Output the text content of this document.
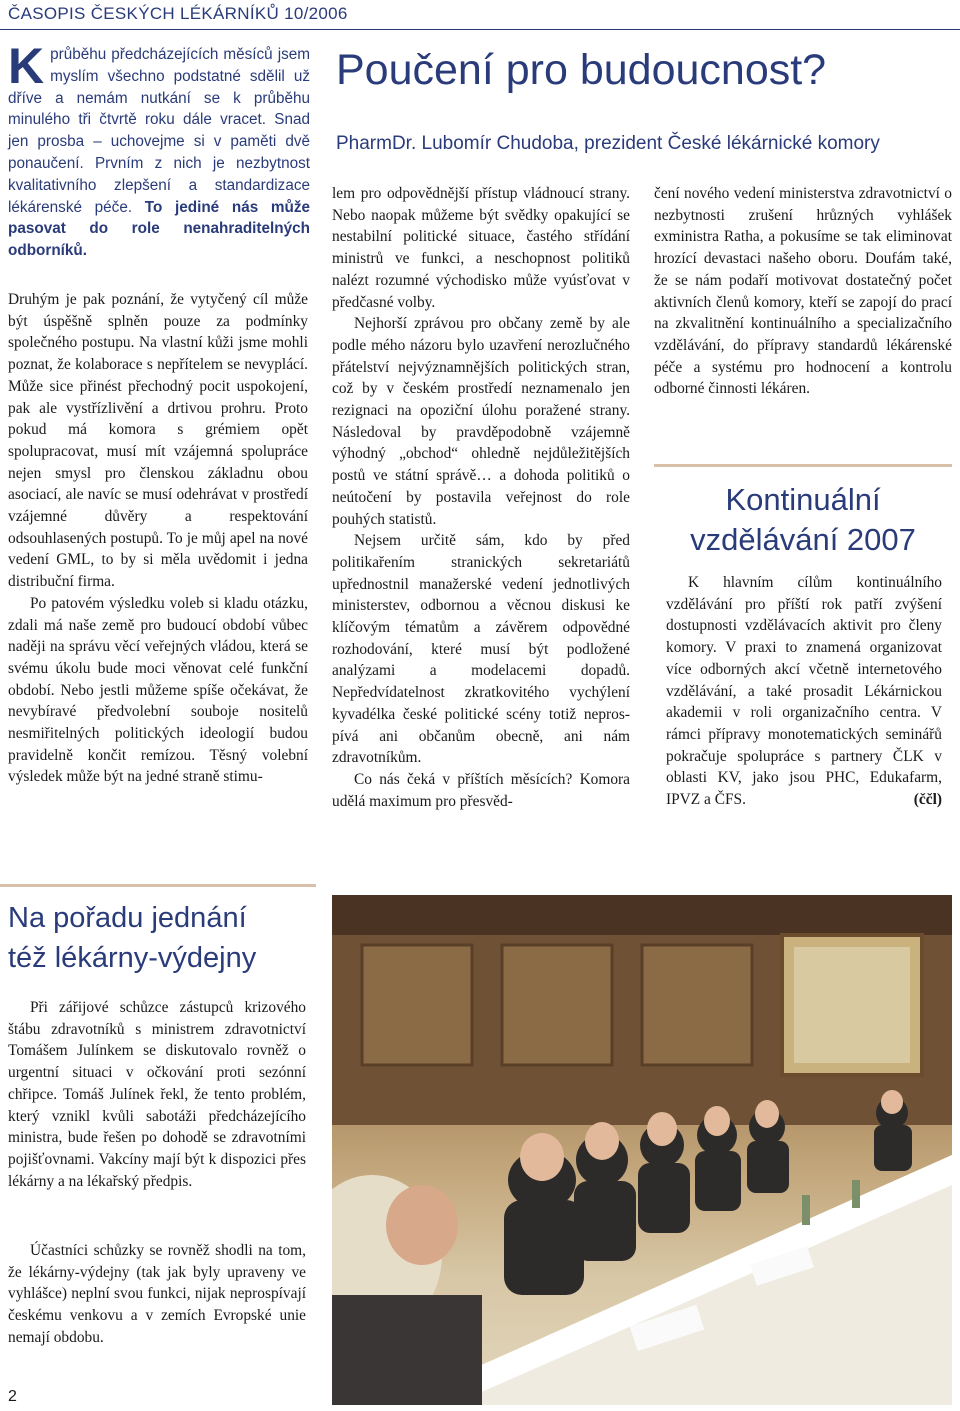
ČASOPIS ČESKÝCH LÉKÁRNÍKŮ 10/2006
Kprůběhu předcházejících měsíců jsem myslím všechno podstatné sdělil už dříve a nemám nutkání se k průběhu minulého tři čtvrtě roku dále vracet. Snad jen prosba – uchovejme si v paměti dvě ponaučení. Prvním z nich je nezbytnost kvalitativního zlepšení a standardizace lékárenské péče. To jediné nás může pasovat do role nenahraditelných odborníků.

Druhým je pak poznání, že vytyčený cíl může být úspěšně splněn pouze za podmínky společného postupu. Na vlastní kůži jsme mohli poznat, že kolaborace s nepřítelem se nevyplácí. Může sice přinést přechodný pocit uspokojení, pak ale vystřízlivění a drtivou prohru. Proto pokud má komora s grémiem opět spolupracovat, musí mít vzájemná spolupráce nejen smysl pro členskou základnu obou asociací, ale navíc se musí odehrávat v prostředí vzájemné důvěry a respektování odsouhlasených postupů. To je můj apel na nové vedení GML, to by si měla uvědomit i jedna distribuční firma.

Po patovém výsledku voleb si kladu otázku, zdali má naše země pro budoucí období vůbec naději na správu věcí veřejných vládou, která se svému úkolu bude moci věnovat celé funkční období. Nebo jestli můžeme spíše očekávat, že nevybíravé předvolební souboje nositelů nesmiřitelných politických ideologií budou pravidelně končit remízou. Těsný volební výsledek může být na jedné straně stimu-

Poučení pro budoucnost?
PharmDr. Lubomír Chudoba, prezident České lékárnické komory

lem pro odpovědnější přístup vládnoucí strany. Nebo naopak můžeme být svědky opakující se nestabilní politické situace, častého střídání ministrů ve funkci, a neschopnost politiků nalézt rozumné východisko může vyúsťovat v předčasné volby.

Nejhorší zprávou pro občany země by ale podle mého názoru bylo uzavření nerozlučného přátelství nejvýznamnějších politických stran, což by v českém prostředí neznamenalo jen rezignaci na opoziční úlohu poražené strany. Následoval by pravděpodobně vzájemně výhodný „obchod“ ohledně nejdůležitějších postů ve státní správě… a dohoda politiků o neútočení by postavila veřejnost do role pouhých statistů.

Nejsem určitě sám, kdo by před politikařením stranických sekretariátů upřednostnil manažerské vedení jednotlivých ministerstev, odbornou a věcnou diskusi ke klíčovým tématům a závěrem odpovědné rozhodování, které musí být podložené analýzami a modelacemi dopadů. Nepředvídatelnost zkratkovitého vychýlení kyvadélka české politické scény totiž neprospívá ani občanům obecně, ani nám zdravotníkům.

Co nás čeká v příštích měsících? Komora udělá maximum pro přesvěd-

čení nového vedení ministerstva zdravotnictví o nezbytnosti zrušení hrůzných vyhlášek exministra Ratha, a pokusíme se tak eliminovat hrozící devastaci našeho oboru. Doufám také, že se nám podaří motivovat dostatečný počet aktivních členů komory, kteří se zapojí do prací na zkvalitnění kontinuálního a specializačního vzdělávání, do přípravy standardů lékárenské péče a systému pro hodnocení a kontrolu odborné činnosti lékáren.

Kontinuální
vzdělávání 2007

K hlavním cílům kontinuálního vzdělávání pro příští rok patří zvýšení dostupnosti vzdělávacích aktivit pro členy komory. V praxi to znamená organizovat více odborných akcí včetně internetového vzdělávání, a také prosadit Lékárnickou akademii v roli organizačního centra. V rámci přípravy monotematických seminářů pokračuje spolupráce s partnery ČLK v oblasti KV, jako jsou PHC, Edukafarm, IPVZ a ČFS.	(ččl)

Na pořadu jednání
též lékárny-výdejny

Při zářijové schůzce zástupců krizového štábu zdravotníků s ministrem zdravotnictví Tomášem Julínkem se diskutovalo rovněž o urgentní situaci v očkování proti sezónní chřipce. Tomáš Julínek řekl, že tento problém, který vznikl kvůli sabotáži předcházejícího ministra, bude řešen po dohodě se zdravotními pojišťovnami. Vakcíny mají být k dispozici přes lékárny a na lékařský předpis.

Účastníci schůzky se rovněž shodli na tom, že lékárny-výdejny (tak jak byly upraveny ve vyhlášce) neplní svou funkci, nijak neprospívají českému venkovu a v zemích Evropské unie nemají obdobu.

2
